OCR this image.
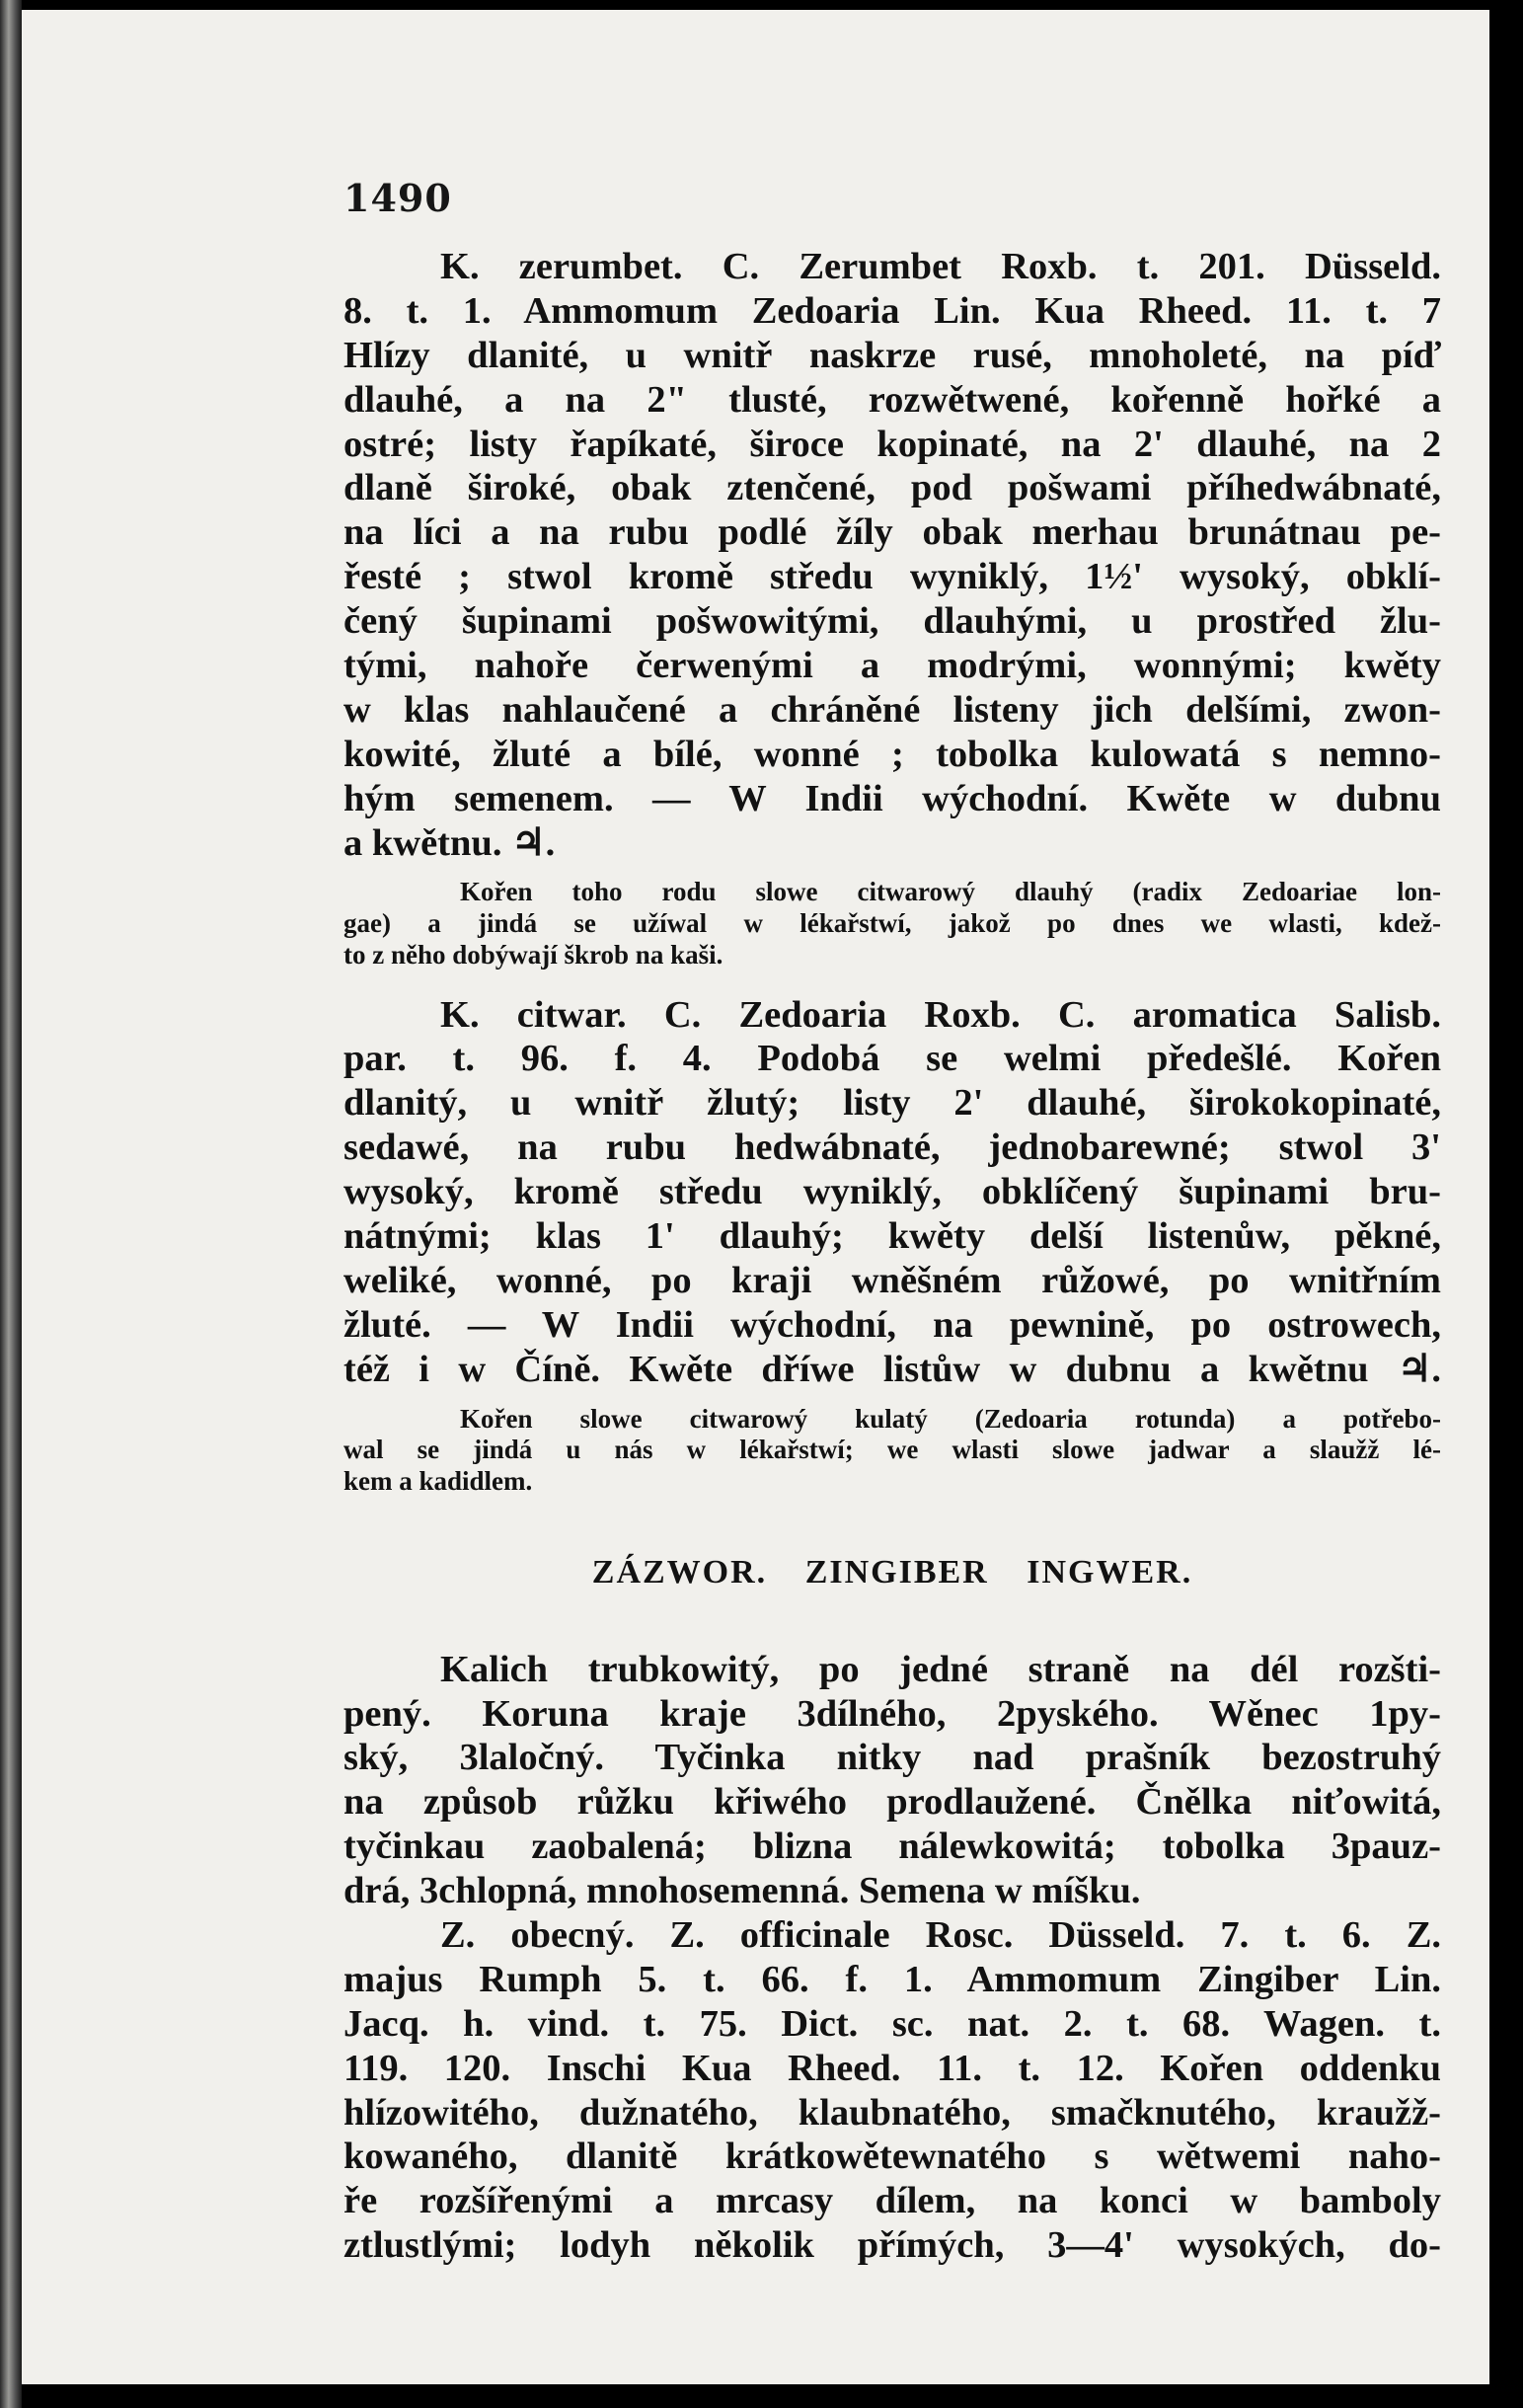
1490
K. zerumbet. C. Zerumbet Roxb. t. 201. Düsseld.
8. t. 1. Ammomum Zedoaria Lin. Kua Rheed. 11. t. 7
Hlízy dlanité, u wnitř naskrze rusé, mnoholeté, na píď
dlauhé, a na 2" tlusté, rozwětwené, kořenně hořké a
ostré; listy řapíkaté, široce kopinaté, na 2' dlauhé, na 2
dlaně široké, obak ztenčené, pod pošwami příhedwábnaté,
na líci a na rubu podlé žíly obak merhau brunátnau pe-
řesté ; stwol kromě středu wyniklý, 1½' wysoký, obklí-
čený šupinami pošwowitými, dlauhými, u prostřed žlu-
tými, nahoře čerwenými a modrými, wonnými; kwěty
w klas nahlaučené a chráněné listeny jich delšími, zwon-
kowité, žluté a bílé, wonné ; tobolka kulowatá s nemno-
hým semenem. — W Indii wýchodní. Kwěte w dubnu
a kwětnu. ♃.
Kořen toho rodu slowe citwarowý dlauhý (radix Zedoariae lon-
gae) a jindá se užíwal w lékařstwí, jakož po dnes we wlasti, kdež-
to z něho dobýwají škrob na kaši.
K. citwar. C. Zedoaria Roxb. C. aromatica Salisb.
par. t. 96. f. 4. Podobá se welmi předešlé. Kořen
dlanitý, u wnitř žlutý; listy 2' dlauhé, širokokopinaté,
sedawé, na rubu hedwábnaté, jednobarewné; stwol 3'
wysoký, kromě středu wyniklý, obklíčený šupinami bru-
nátnými; klas 1' dlauhý; kwěty delší listenůw, pěkné,
weliké, wonné, po kraji wněšném růžowé, po wnitřním
žluté. — W Indii wýchodní, na pewnině, po ostrowech,
též i w Číně. Kwěte dříwe listůw w dubnu a kwětnu ♃.
Kořen slowe citwarowý kulatý (Zedoaria rotunda) a potřebo-
wal se jindá u nás w lékařstwí; we wlasti slowe jadwar a slaužž lé-
kem a kadidlem.
ZÁZWOR. ZINGIBER INGWER.
Kalich trubkowitý, po jedné straně na dél rozšti-
pený. Koruna kraje 3dílného, 2pyského. Wěnec 1py-
ský, 3laločný. Tyčinka nitky nad prašník bezostruhý
na způsob růžku křiwého prodlaužené. Čnělka niťowitá,
tyčinkau zaobalená; blizna nálewkowitá; tobolka 3pauz-
drá, 3chlopná, mnohosemenná. Semena w míšku.
Z. obecný. Z. officinale Rosc. Düsseld. 7. t. 6. Z.
majus Rumph 5. t. 66. f. 1. Ammomum Zingiber Lin.
Jacq. h. vind. t. 75. Dict. sc. nat. 2. t. 68. Wagen. t.
119. 120. Inschi Kua Rheed. 11. t. 12. Kořen oddenku
hlízowitého, dužnatého, klaubnatého, smačknutého, kraužž-
kowaného, dlanitě krátkowětewnatého s wětwemi naho-
ře rozšířenými a mrcasy dílem, na konci w bamboly
ztlustlými; lodyh několik přímých, 3—4' wysokých, do-
